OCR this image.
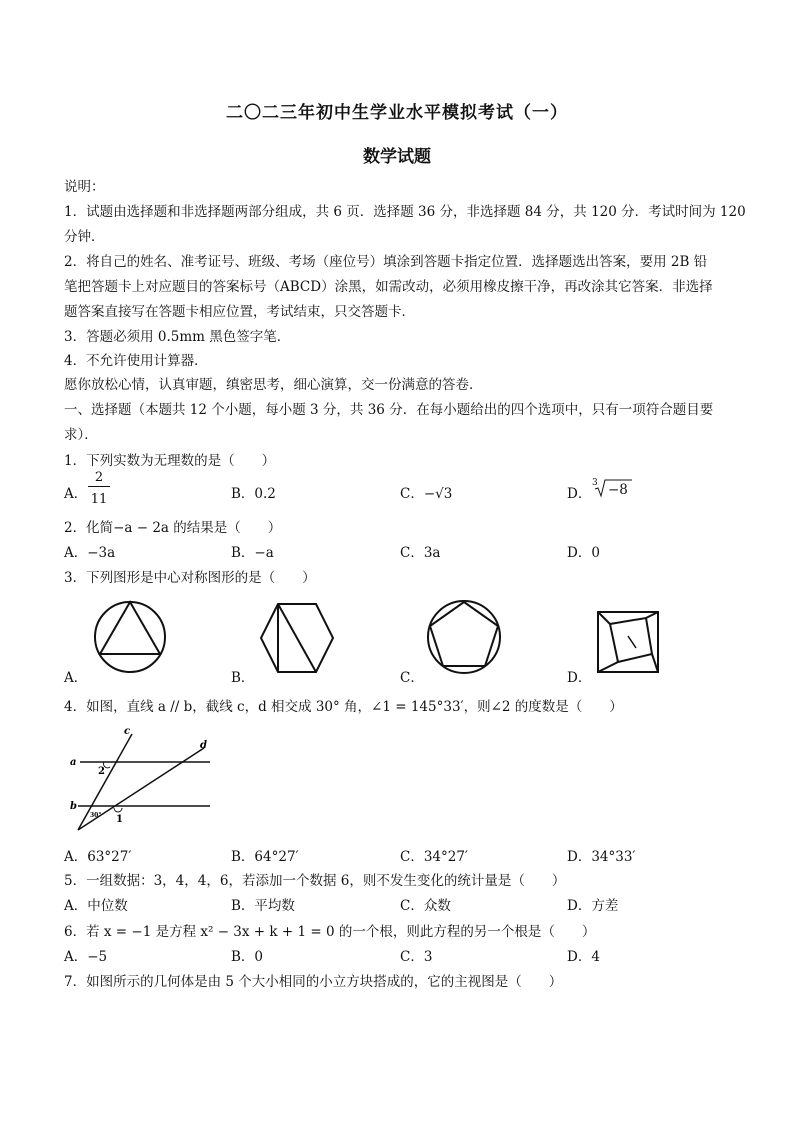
二〇二三年初中生学业水平模拟考试（一）
数学试题
说明：
1．试题由选择题和非选择题两部分组成，共 6 页．选择题 36 分，非选择题 84 分，共 120 分．考试时间为 120
分钟．
2．将自己的姓名、准考证号、班级、考场（座位号）填涂到答题卡指定位置．选择题选出答案，要用 2B 铅
笔把答题卡上对应题目的答案标号（ABCD）涂黑，如需改动，必须用橡皮擦干净，再改涂其它答案．非选择
题答案直接写在答题卡相应位置，考试结束，只交答题卡．
3．答题必须用 0.5mm 黑色签字笔．
4．不允许使用计算器．
愿你放松心情，认真审题，缜密思考，细心演算，交一份满意的答卷．
一、选择题（本题共 12 个小题，每小题 3 分，共 36 分．在每小题给出的四个选项中，只有一项符合题目要
求）．
1．下列实数为无理数的是（　　）
A．
2
11	B．0.2	C．−√3	D．
3 −8
2．化简−a − 2a 的结果是（　　）
A．−3a	B．−a	C．3a	D．0
3．下列图形是中心对称图形的是（　　）
A．	B．	C．	D．
4．如图，直线 a // b，截线 c，d 相交成 30° 角，∠1 = 145°33′，则∠2 的度数是（　　）
a
b
c
d
2
1
30°
A．63°27′	B．64°27′	C．34°27′	D．34°33′
5．一组数据：3，4，4，6，若添加一个数据 6，则不发生变化的统计量是（　　）
A．中位数	B．平均数	C．众数	D．方差
6．若 x = −1 是方程 x² − 3x + k + 1 = 0 的一个根，则此方程的另一个根是（　　）
A．−5	B．0	C．3	D．4
7．如图所示的几何体是由 5 个大小相同的小立方块搭成的，它的主视图是（　　）
